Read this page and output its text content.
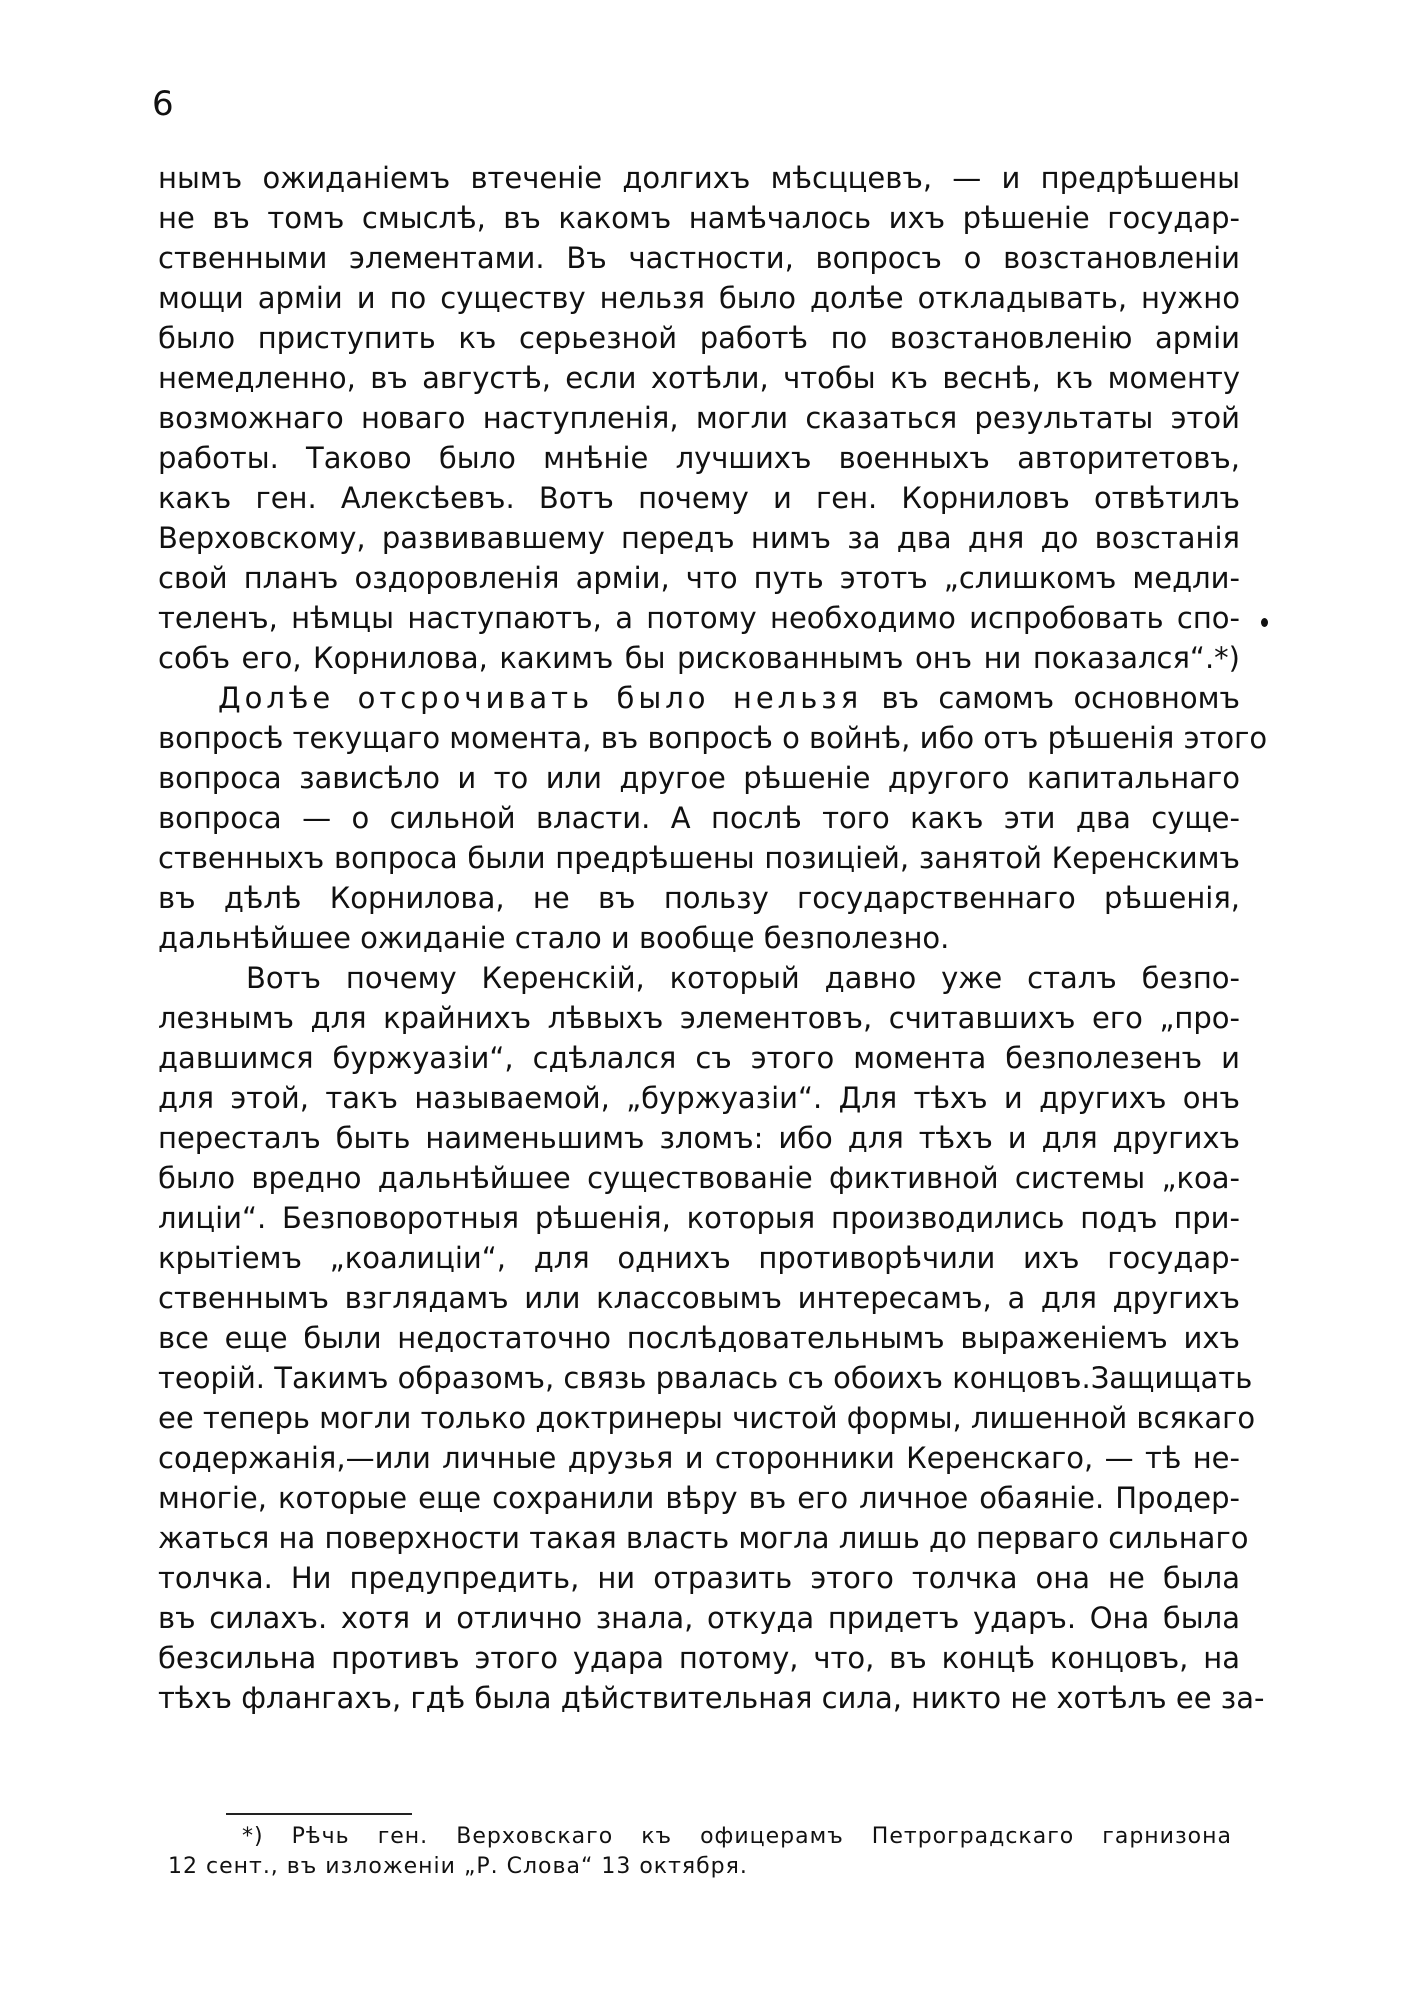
6
нымъ ожиданіемъ втеченіе долгихъ мѣсццевъ, — и предрѣшены
не въ томъ смыслѣ, въ какомъ намѣчалось ихъ рѣшеніе государ-
ственными элементами. Въ частности, вопросъ о возстановленіи
мощи арміи и по существу нельзя было долѣе откладывать, нужно
было приступить къ серьезной работѣ по возстановленію арміи
немедленно, въ августѣ, если хотѣли, чтобы къ веснѣ, къ моменту
возможнаго новаго наступленія, могли сказаться результаты этой
работы. Таково было мнѣніе лучшихъ военныхъ авторитетовъ,
какъ ген. Алексѣевъ. Вотъ почему и ген. Корниловъ отвѣтилъ
Верховскому, развивавшему передъ нимъ за два дня до возстанія
свой планъ оздоровленія арміи, что путь этотъ „слишкомъ медли-
теленъ, нѣмцы наступаютъ, а потому необходимо испробовать спо-
собъ его, Корнилова, какимъ бы рискованнымъ онъ ни показался“.*)
Долѣе отсрочивать было нельзя въ самомъ основномъ
вопросѣ текущаго момента, въ вопросѣ о войнѣ, ибо отъ рѣшенія этого
вопроса зависѣло и то или другое рѣшеніе другого капитальнаго
вопроса — о сильной власти. А послѣ того какъ эти два суще-
ственныхъ вопроса были предрѣшены позиціей, занятой Керенскимъ
въ дѣлѣ Корнилова, не въ пользу государственнаго рѣшенія,
дальнѣйшее ожиданіе стало и вообще безполезно.
Вотъ почему Керенскій, который давно уже сталъ безпо-
лезнымъ для крайнихъ лѣвыхъ элементовъ, считавшихъ его „про-
давшимся буржуазіи“, сдѣлался съ этого момента безполезенъ и
для этой, такъ называемой, „буржуазіи“. Для тѣхъ и другихъ онъ
пересталъ быть наименьшимъ зломъ: ибо для тѣхъ и для другихъ
было вредно дальнѣйшее существованіе фиктивной системы „коа-
лиціи“. Безповоротныя рѣшенія, которыя производились подъ при-
крытіемъ „коалиціи“, для однихъ противорѣчили ихъ государ-
ственнымъ взглядамъ или классовымъ интересамъ, а для другихъ
все еще были недостаточно послѣдовательнымъ выраженіемъ ихъ
теорій. Такимъ образомъ, связь рвалась съ обоихъ концовъ.Защищать
ее теперь могли только доктринеры чистой формы, лишенной всякаго
содержанія,—или личные друзья и сторонники Керенскаго, — тѣ не-
многіе, которые еще сохранили вѣру въ его личное обаяніе. Продер-
жаться на поверхности такая власть могла лишь до перваго сильнаго
толчка. Ни предупредить, ни отразить этого толчка она не была
въ силахъ. хотя и отлично знала, откуда придетъ ударъ. Она была
безсильна противъ этого удара потому, что, въ концѣ концовъ, на
тѣхъ флангахъ, гдѣ была дѣйствительная сила, никто не хотѣлъ ее за-
*) Рѣчь ген. Верховскаго къ офицерамъ Петроградскаго гарнизона
12 сент., въ изложеніи „Р. Слова“ 13 октября.
